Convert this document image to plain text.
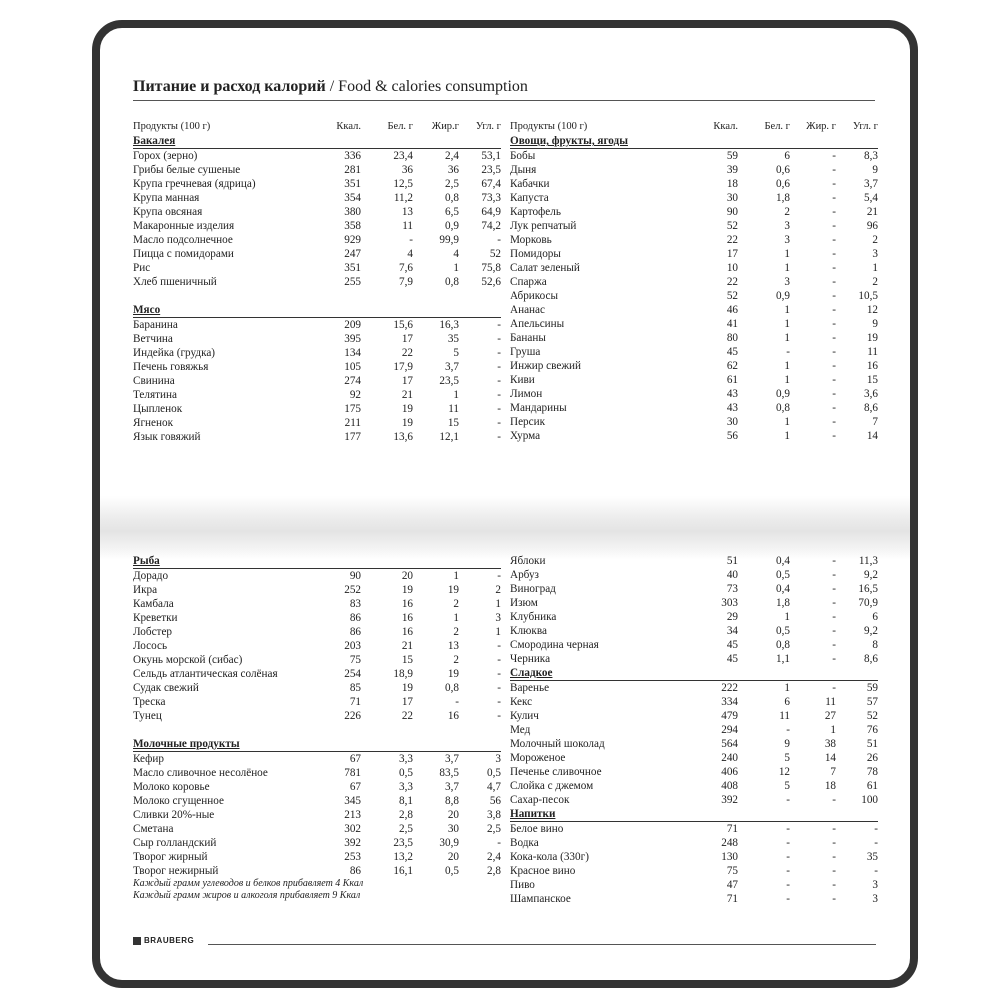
Питание и расход калорий / Food & calories consumption
Продукты (100 г)	Ккал.	Бел. г	Жир.г	Угл. г
Бакалея
Горох (зерно)	336	23,4	2,4	53,1
Грибы белые сушеные	281	36	36	23,5
Крупа гречневая (ядрица)	351	12,5	2,5	67,4
Крупа манная	354	11,2	0,8	73,3
Крупа овсяная	380	13	6,5	64,9
Макаронные изделия	358	11	0,9	74,2
Масло подсолнечное	929	-	99,9	-
Пицца с помидорами	247	4	4	52
Рис	351	7,6	1	75,8
Хлеб пшеничный	255	7,9	0,8	52,6
Мясо
Баранина	209	15,6	16,3	-
Ветчина	395	17	35	-
Индейка (грудка)	134	22	5	-
Печень говяжья	105	17,9	3,7	-
Свинина	274	17	23,5	-
Телятина	92	21	1	-
Цыпленок	175	19	11	-
Ягненок	211	19	15	-
Язык говяжий	177	13,6	12,1	-
Продукты (100 г)	Ккал.	Бел. г	Жир. г	Угл. г
Овощи, фрукты, ягоды
Бобы	59	6	-	8,3
Дыня	39	0,6	-	9
Кабачки	18	0,6	-	3,7
Капуста	30	1,8	-	5,4
Картофель	90	2	-	21
Лук репчатый	52	3	-	96
Морковь	22	3	-	2
Помидоры	17	1	-	3
Салат зеленый	10	1	-	1
Спаржа	22	3	-	2
Абрикосы	52	0,9	-	10,5
Ананас	46	1	-	12
Апельсины	41	1	-	9
Бананы	80	1	-	19
Груша	45	-	-	11
Инжир свежий	62	1	-	16
Киви	61	1	-	15
Лимон	43	0,9	-	3,6
Мандарины	43	0,8	-	8,6
Персик	30	1	-	7
Хурма	56	1	-	14
Рыба
Дорадо	90	20	1	-
Икра	252	19	19	2
Камбала	83	16	2	1
Креветки	86	16	1	3
Лобстер	86	16	2	1
Лосось	203	21	13	-
Окунь морской (сибас)	75	15	2	-
Сельдь атлантическая солёная	254	18,9	19	-
Судак свежий	85	19	0,8	-
Треска	71	17	-	-
Тунец	226	22	16	-
Молочные продукты
Кефир	67	3,3	3,7	3
Масло сливочное несолёное	781	0,5	83,5	0,5
Молоко коровье	67	3,3	3,7	4,7
Молоко сгущенное	345	8,1	8,8	56
Сливки 20%-ные	213	2,8	20	3,8
Сметана	302	2,5	30	2,5
Сыр голландский	392	23,5	30,9	-
Творог жирный	253	13,2	20	2,4
Творог нежирный	86	16,1	0,5	2,8
Яблоки	51	0,4	-	11,3
Арбуз	40	0,5	-	9,2
Виноград	73	0,4	-	16,5
Изюм	303	1,8	-	70,9
Клубника	29	1	-	6
Клюква	34	0,5	-	9,2
Смородина черная	45	0,8	-	8
Черника	45	1,1	-	8,6
Сладкое
Варенье	222	1	-	59
Кекс	334	6	11	57
Кулич	479	11	27	52
Мед	294	-	1	76
Молочный шоколад	564	9	38	51
Мороженое	240	5	14	26
Печенье сливочное	406	12	7	78
Слойка с джемом	408	5	18	61
Сахар-песок	392	-	-	100
Напитки
Белое вино	71	-	-	-
Водка	248	-	-	-
Кока-кола (330г)	130	-	-	35
Красное вино	75	-	-	-
Пиво	47	-	-	3
Шампанское	71	-	-	3
Каждый грамм углеводов и белков прибавляет 4 Ккал
Каждый грамм жиров и алкоголя прибавляет 9 Ккал
BRAUBERG
